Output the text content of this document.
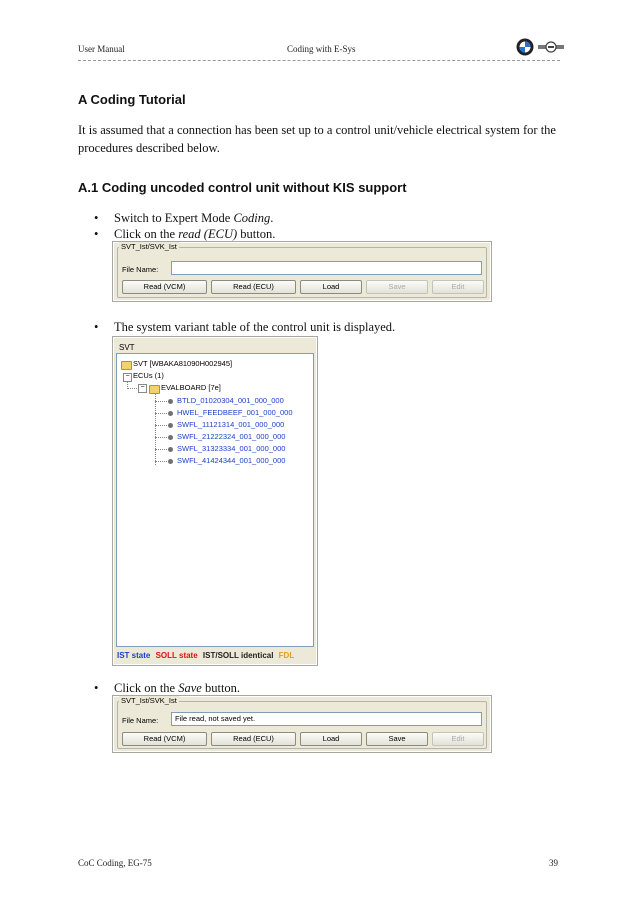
User Manual	Coding with E-Sys
A Coding Tutorial
It is assumed that a connection has been set up to a control unit/vehicle electrical system for the procedures described below.
A.1 Coding uncoded control unit without KIS support
• Switch to Expert Mode Coding.
• Click on the read (ECU) button.
SVT_Ist/SVK_Ist
File Name:
Read (VCM)	Read (ECU)	Load	Save	Edit
• The system variant table of the control unit is displayed.
SVT
SVT [WBAKA81090H002945]
− ECUs (1)
−	EVALBOARD [7e]
BTLD_01020304_001_000_000
HWEL_FEEDBEEF_001_000_000
SWFL_11121314_001_000_000
SWFL_21222324_001_000_000
SWFL_31323334_001_000_000
SWFL_41424344_001_000_000
IST state SOLL state IST/SOLL identical FDL
• Click on the Save button.
SVT_Ist/SVK_Ist
File Name:	File read, not saved yet.
Read (VCM)	Read (ECU)	Load	Save	Edit
CoC Coding, EG-75	39
